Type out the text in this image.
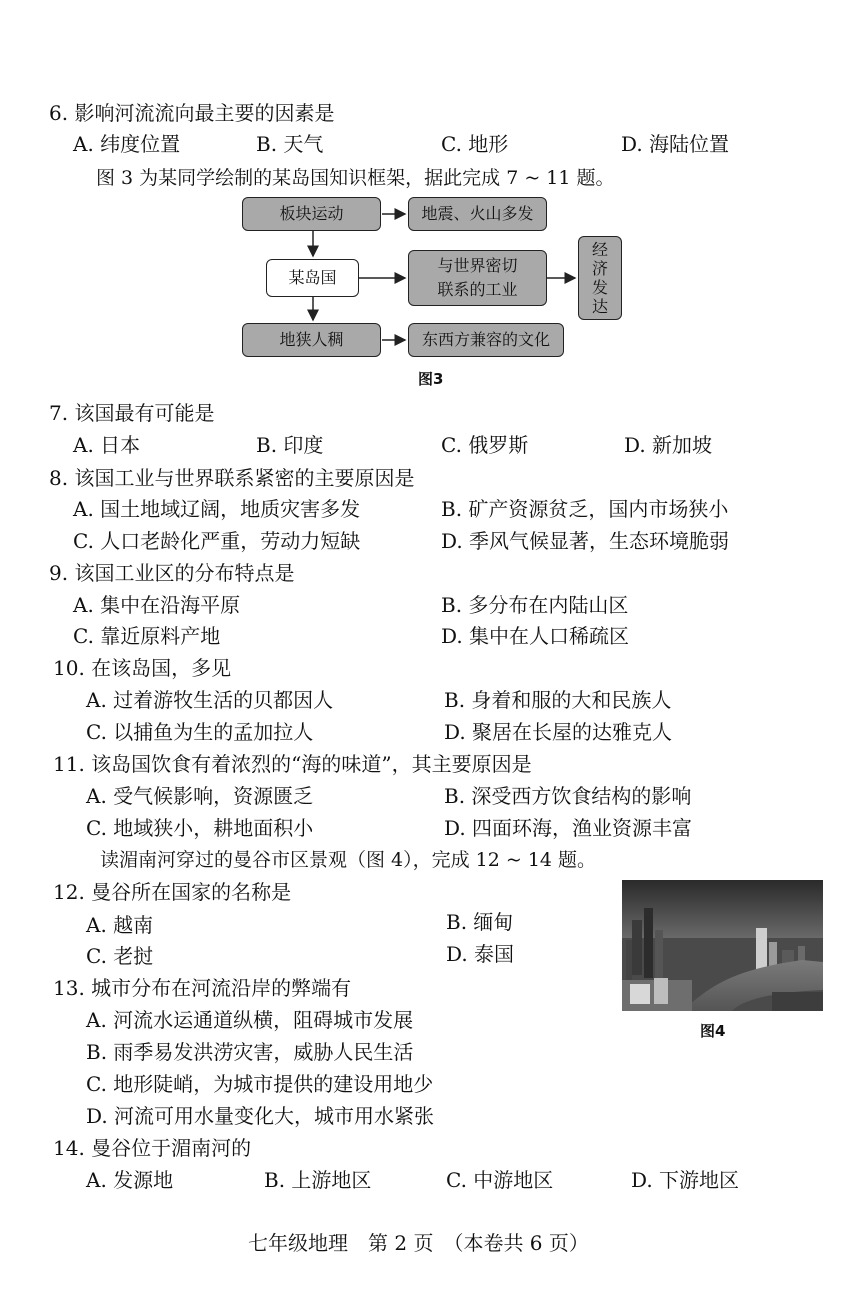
6. 影响河流流向最主要的因素是
A. 纬度位置	B. 天气	C. 地形	D. 海陆位置
图 3 为某同学绘制的某岛国知识框架，据此完成 7 ~ 11 题。
板块运动	地震、火山多发
某岛国
与世界密切
联系的工业
经
济
发
达
地狭人稠	东西方兼容的文化
图3
7. 该国最有可能是
A. 日本	B. 印度	C. 俄罗斯	D. 新加坡
8. 该国工业与世界联系紧密的主要原因是
A. 国土地域辽阔，地质灾害多发	B. 矿产资源贫乏，国内市场狭小
C. 人口老龄化严重，劳动力短缺	D. 季风气候显著，生态环境脆弱
9. 该国工业区的分布特点是
A. 集中在沿海平原	B. 多分布在内陆山区
C. 靠近原料产地	D. 集中在人口稀疏区
10. 在该岛国，多见
A. 过着游牧生活的贝都因人	B. 身着和服的大和民族人
C. 以捕鱼为生的孟加拉人	D. 聚居在长屋的达雅克人
11. 该岛国饮食有着浓烈的“海的味道”，其主要原因是
A. 受气候影响，资源匮乏	B. 深受西方饮食结构的影响
C. 地域狭小，耕地面积小	D. 四面环海，渔业资源丰富
读湄南河穿过的曼谷市区景观（图 4），完成 12 ~ 14 题。
12. 曼谷所在国家的名称是
A. 越南	B. 缅甸
C. 老挝	D. 泰国
图4
13. 城市分布在河流沿岸的弊端有
A. 河流水运通道纵横，阻碍城市发展
B. 雨季易发洪涝灾害，威胁人民生活
C. 地形陡峭，为城市提供的建设用地少
D. 河流可用水量变化大，城市用水紧张
14. 曼谷位于湄南河的
A. 发源地	B. 上游地区	C. 中游地区	D. 下游地区
七年级地理　第 2 页　（本卷共 6 页）
